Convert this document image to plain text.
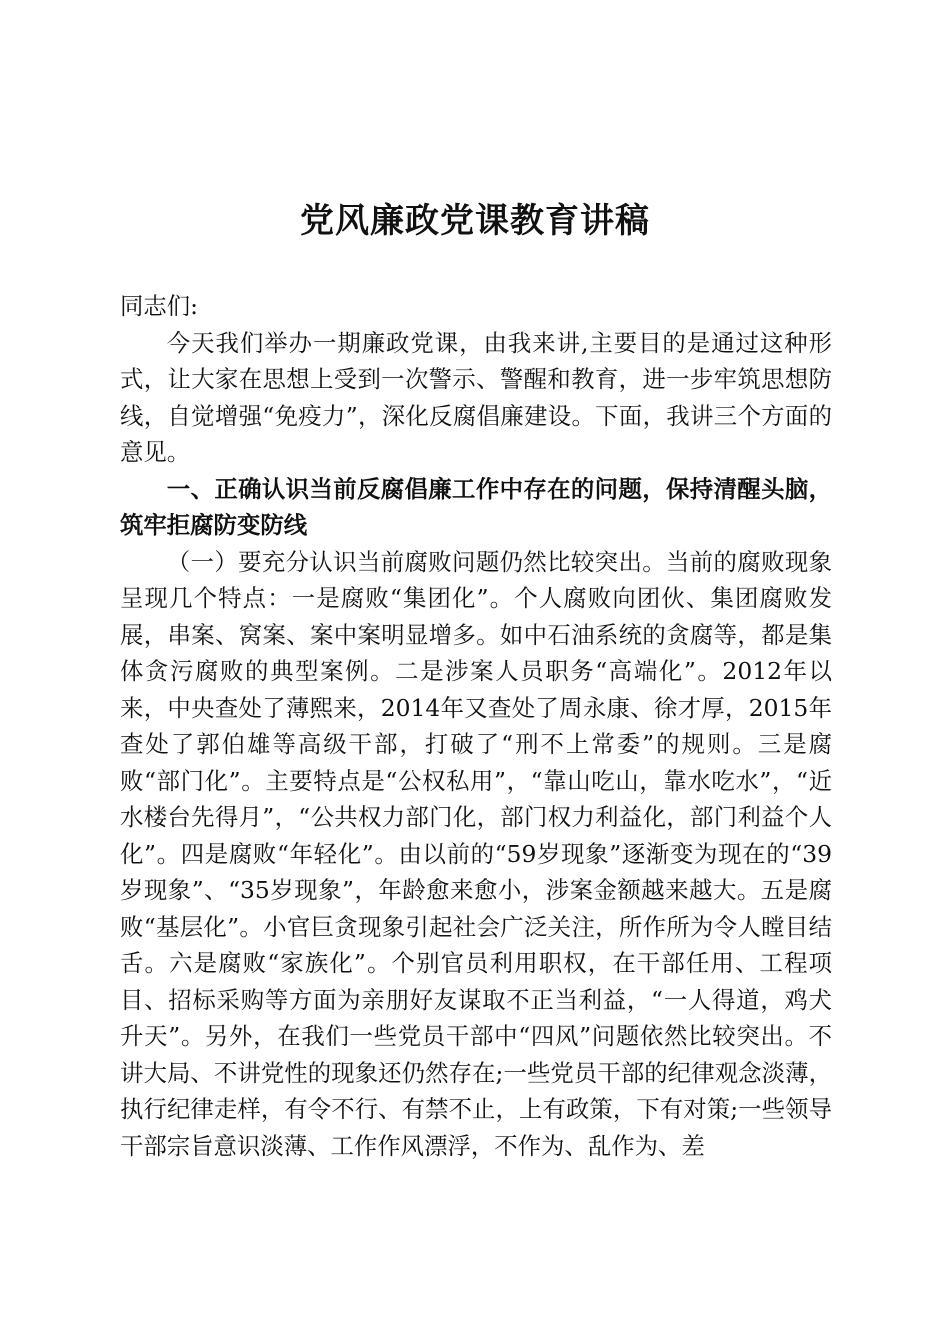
党风廉政党课教育讲稿

同志们:

今天我们举办一期廉政党课，由我来讲,主要目的是通过这种形式，让大家在思想上受到一次警示、警醒和教育，进一步牢筑思想防线，自觉增强“免疫力”，深化反腐倡廉建设。下面，我讲三个方面的意见。

一、正确认识当前反腐倡廉工作中存在的问题，保持清醒头脑，筑牢拒腐防变防线

（一）要充分认识当前腐败问题仍然比较突出。当前的腐败现象呈现几个特点：一是腐败“集团化”。个人腐败向团伙、集团腐败发展，串案、窝案、案中案明显增多。如中石油系统的贪腐等，都是集体贪污腐败的典型案例。二是涉案人员职务“高端化”。2012年以来，中央查处了薄熙来，2014年又查处了周永康、徐才厚，2015年查处了郭伯雄等高级干部，打破了“刑不上常委”的规则。三是腐败“部门化”。主要特点是“公权私用”，“靠山吃山，靠水吃水”，“近水楼台先得月”，“公共权力部门化，部门权力利益化，部门利益个人化”。四是腐败“年轻化”。由以前的“59岁现象”逐渐变为现在的“39岁现象”、“35岁现象”，年龄愈来愈小，涉案金额越来越大。五是腐败“基层化”。小官巨贪现象引起社会广泛关注，所作所为令人瞠目结舌。六是腐败“家族化”。个别官员利用职权，在干部任用、工程项目、招标采购等方面为亲朋好友谋取不正当利益，“一人得道，鸡犬升天”。另外，在我们一些党员干部中“四风”问题依然比较突出。不讲大局、不讲党性的现象还仍然存在;一些党员干部的纪律观念淡薄，执行纪律走样，有令不行、有禁不止，上有政策，下有对策;一些领导干部宗旨意识淡薄、工作作风漂浮，不作为、乱作为、差
